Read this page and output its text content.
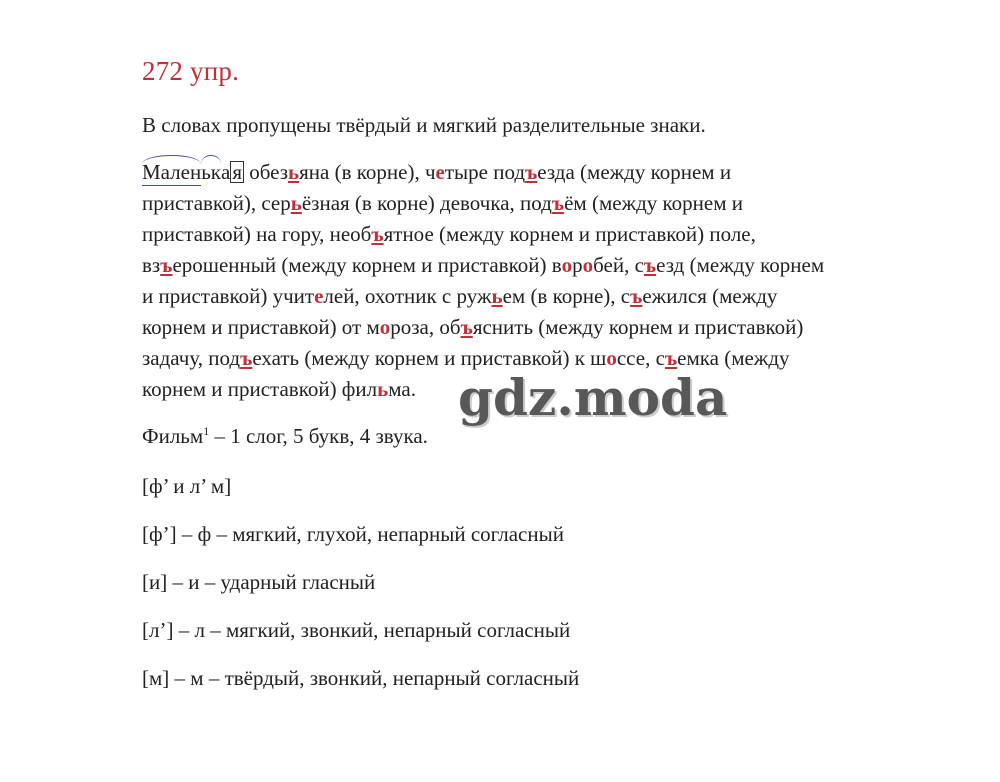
272 упр.
В словах пропущены твёрдый и мягкий разделительные знаки.
Мален
ькая обезьяна (в корне), четыре подъезда (между корнем и
приставкой), серьёзная (в корне) девочка, подъём (между корнем и
приставкой) на гору, необъятное (между корнем и приставкой) поле,
взъерошенный (между корнем и приставкой) воробей, съезд (между корнем
и приставкой) учителей, охотник с ружьем (в корне), съежился (между
корнем и приставкой) от мороза, объяснить (между корнем и приставкой)
задачу, подъехать (между корнем и приставкой) к шоссе, съемка (между
корнем и приставкой) фильма.
Фильм$^1$ – 1 слог, 5 букв, 4 звука.
[ф’ и л’ м]
[ф’] – ф – мягкий, глухой, непарный согласный
[и] – и – ударный гласный
[л’] – л – мягкий, звонкий, непарный согласный
[м] – м – твёрдый, звонкий, непарный согласный
gdz.moda
